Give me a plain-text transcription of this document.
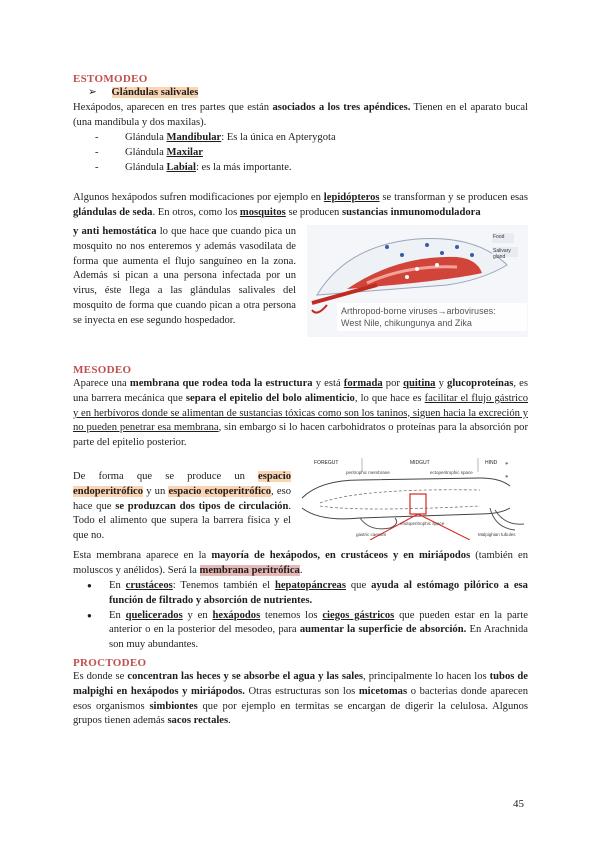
ESTOMODEO
➢ Glándulas salivales
Hexápodos, aparecen en tres partes que están asociados a los tres apéndices. Tienen en el aparato bucal (una mandíbula y dos maxilas).
- Glándula Mandibular: Es la única en Apterygota
- Glándula Maxilar
- Glándula Labial: es la más importante.
Algunos hexápodos sufren modificaciones por ejemplo en lepidópteros se transforman y se producen esas glándulas de seda. En otros, como los mosquitos se producen sustancias inmunomoduladora
y anti hemostática lo que hace que cuando pica un mosquito no nos enteremos y además vasodilata de forma que aumenta el flujo sanguíneo en la zona. Además si pican a una persona infectada por un virus, éste llega a las glándulas salivales del mosquito de forma que cuando pican a otra persona se inyecta en ese segundo hospedador.
Food
Salivary gland
Arthropod-borne viruses→arboviruses:
West Nile, chikungunya and Zika
MESODEO
Aparece una membrana que rodea toda la estructura y está formada por quitina y glucoproteínas, es una barrera mecánica que separa el epitelio del bolo alimenticio, lo que hace es facilitar el flujo gástrico y en herbívoros donde se alimentan de sustancias tóxicas como son los taninos, siguen hacia la excreción y no pueden penetrar esa membrana, sin embargo si lo hacen carbohidratos o proteínas para la absorción por parte del epitelio posterior.
De forma que se produce un espacio endoperitrófico y un espacio ectoperitrófico, eso hace que se produzcan dos tipos de circulación. Todo el alimento que supera la barrera física y el que no.
*
*
FOREGUT	MIDGUT	HIND
peritrophic membrane	ectoperitrophic space
gastric caecum
endoperitrophic space
Malpighian tubules
Esta membrana aparece en la mayoría de hexápodos, en crustáceos y en miriápodos (también en moluscos y anélidos). Será la membrana peritrófica.
● En crustáceos: Tenemos también el hepatopáncreas que ayuda al estómago pilórico a esa función de filtrado y absorción de nutrientes.
● En quelicerados y en hexápodos tenemos los ciegos gástricos que pueden estar en la parte anterior o en la posterior del mesodeo, para aumentar la superficie de absorción. En Arachnida son muy abundantes.
PROCTODEO
Es donde se concentran las heces y se absorbe el agua y las sales, principalmente lo hacen los tubos de malpighi en hexápodos y miriápodos. Otras estructuras son los micetomas o bacterias donde aparecen esos organismos simbiontes que por ejemplo en termitas se encargan de digerir la celulosa. Algunos grupos tienen además sacos rectales.
45
